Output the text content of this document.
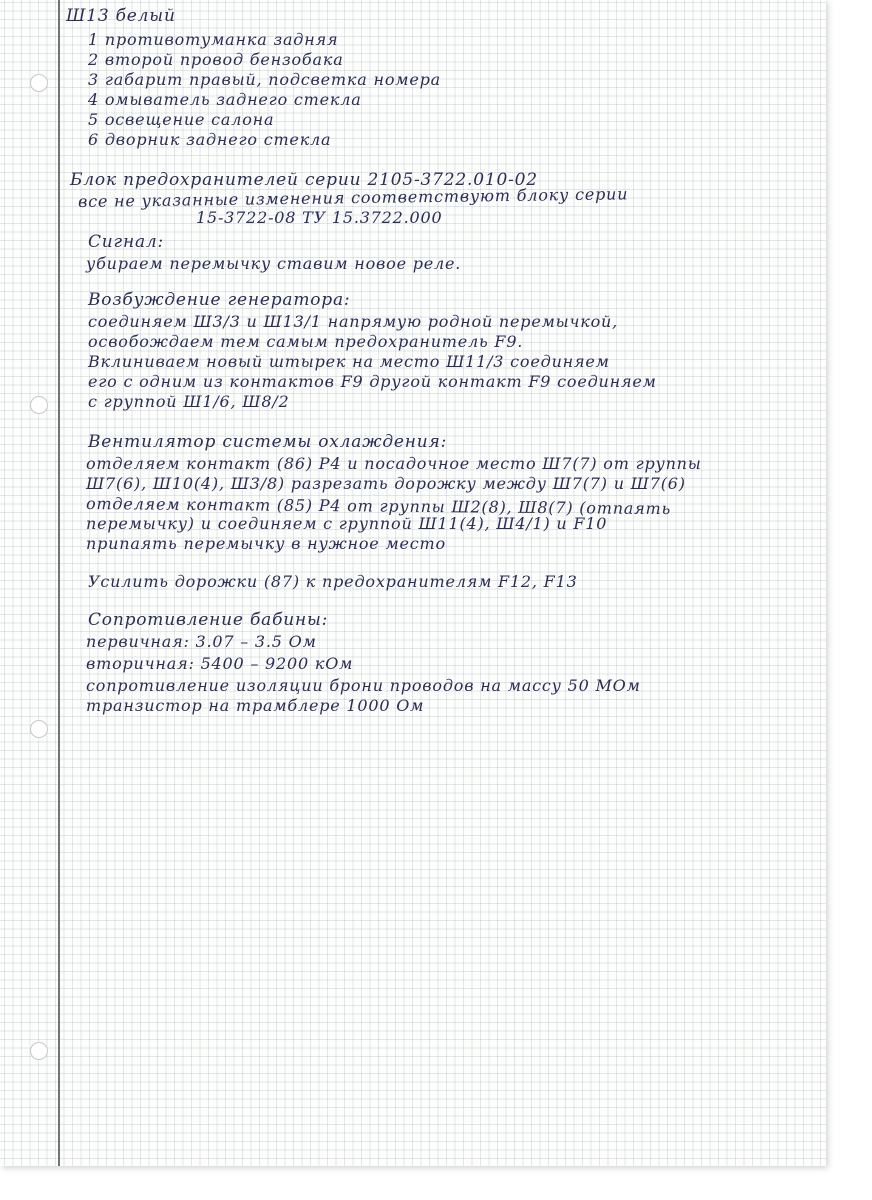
Ш13 белый
1 противотуманка задняя
2 второй провод бензобака
3 габарит правый, подсветка номера
4 омыватель заднего стекла
5 освещение салона
6 дворник заднего стекла
Блок предохранителей серии 2105-3722.010-02
все не указанные изменения соответствуют блоку серии
15-3722-08 ТУ 15.3722.000
Сигнал:
убираем перемычку ставим новое реле.
Возбуждение генератора:
соединяем Ш3/3 и Ш13/1 напрямую родной перемычкой,
освобождаем тем самым предохранитель F9.
Вклиниваем новый штырек на место Ш11/3 соединяем
его с одним из контактов F9 другой контакт F9 соединяем
с группой Ш1/6, Ш8/2
Вентилятор системы охлаждения:
отделяем контакт (86) Р4 и посадочное место Ш7(7) от группы
Ш7(6), Ш10(4), Ш3/8) разрезать дорожку между Ш7(7) и Ш7(6)
отделяем контакт (85) Р4 от группы Ш2(8), Ш8(7) (отпаять
перемычку) и соединяем с группой Ш11(4), Ш4/1) и F10
припаять перемычку в нужное место
Усилить дорожки (87) к предохранителям F12, F13
Сопротивление бабины:
первичная: 3.07 – 3.5 Ом
вторичная: 5400 – 9200 кОм
сопротивление изоляции брони проводов на массу 50 МОм
транзистор на трамблере 1000 Ом
